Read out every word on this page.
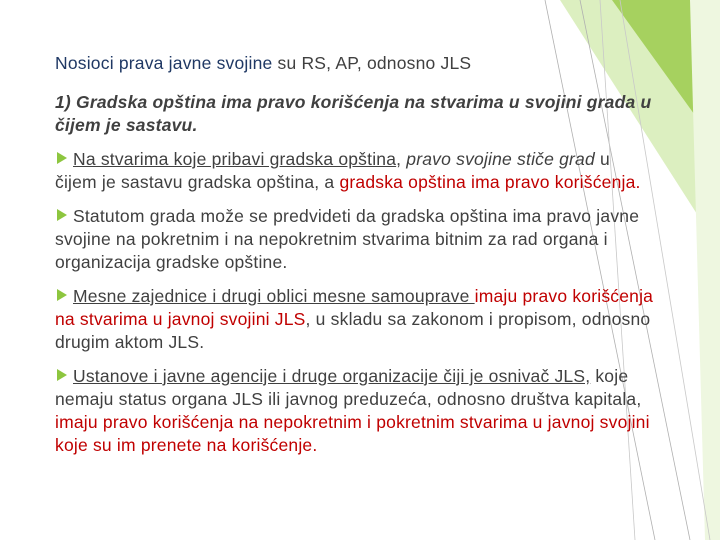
Nosioci prava javne svojine su RS, AP, odnosno JLS

1) Gradska opština ima pravo korišćenja na stvarima u svojini grada u čijem je sastavu.

Na stvarima koje pribavi gradska opština, pravo svojine stiče grad u čijem je sastavu gradska opština, a gradska opština ima pravo korišćenja.

Statutom grada može se predvideti da gradska opština ima pravo javne svojine na pokretnim i na nepokretnim stvarima bitnim za rad organa i organizacija gradske opštine.

Mesne zajednice i drugi oblici mesne samouprave imaju pravo korišćenja na stvarima u javnoj svojini JLS, u skladu sa zakonom i propisom, odnosno drugim aktom JLS.

Ustanove i javne agencije i druge organizacije čiji je osnivač JLS, koje nemaju status organa JLS ili javnog preduzeća, odnosno društva kapitala, imaju pravo korišćenja na nepokretnim i pokretnim stvarima u javnoj svojini koje su im prenete na korišćenje.
